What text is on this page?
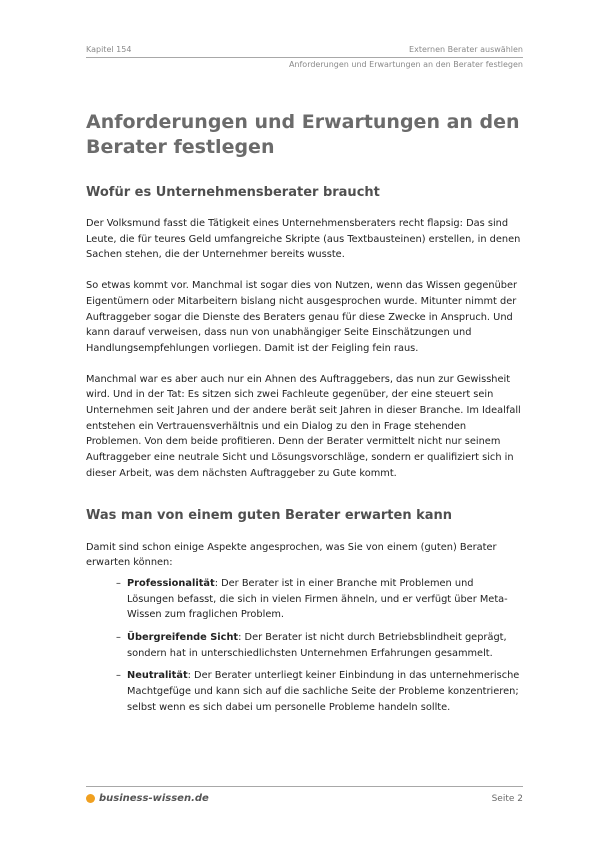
Kapitel 154	Externen Berater auswählen
Anforderungen und Erwartungen an den Berater festlegen
Anforderungen und Erwartungen an den Berater festlegen
Wofür es Unternehmensberater braucht

Der Volksmund fasst die Tätigkeit eines Unternehmensberaters recht flapsig: Das sind Leute, die für teures Geld umfangreiche Skripte (aus Textbausteinen) erstellen, in denen Sachen stehen, die der Unternehmer bereits wusste.

So etwas kommt vor. Manchmal ist sogar dies von Nutzen, wenn das Wissen gegenüber Eigentümern oder Mitarbeitern bislang nicht ausgesprochen wurde. Mitunter nimmt der Auftraggeber sogar die Dienste des Beraters genau für diese Zwecke in Anspruch. Und kann darauf verweisen, dass nun von unabhängiger Seite Einschätzungen und Handlungsempfehlungen vorliegen. Damit ist der Feigling fein raus.

Manchmal war es aber auch nur ein Ahnen des Auftraggebers, das nun zur Gewissheit wird. Und in der Tat: Es sitzen sich zwei Fachleute gegenüber, der eine steuert sein Unternehmen seit Jahren und der andere berät seit Jahren in dieser Branche. Im Idealfall entstehen ein Vertrauensverhältnis und ein Dialog zu den in Frage stehenden Problemen. Von dem beide profitieren. Denn der Berater vermittelt nicht nur seinem Auftraggeber eine neutrale Sicht und Lösungsvorschläge, sondern er qualifiziert sich in dieser Arbeit, was dem nächsten Auftraggeber zu Gute kommt.

Was man von einem guten Berater erwarten kann

Damit sind schon einige Aspekte angesprochen, was Sie von einem (guten) Berater erwarten können:

– Professionalität: Der Berater ist in einer Branche mit Problemen und Lösungen befasst, die sich in vielen Firmen ähneln, und er verfügt über Meta-Wissen zum fraglichen Problem.
– Übergreifende Sicht: Der Berater ist nicht durch Betriebsblindheit geprägt, sondern hat in unterschiedlichsten Unternehmen Erfahrungen gesammelt.
– Neutralität: Der Berater unterliegt keiner Einbindung in das unternehmerische Machtgefüge und kann sich auf die sachliche Seite der Probleme konzentrieren; selbst wenn es sich dabei um personelle Probleme handeln sollte.
business-wissen.de	Seite 2
